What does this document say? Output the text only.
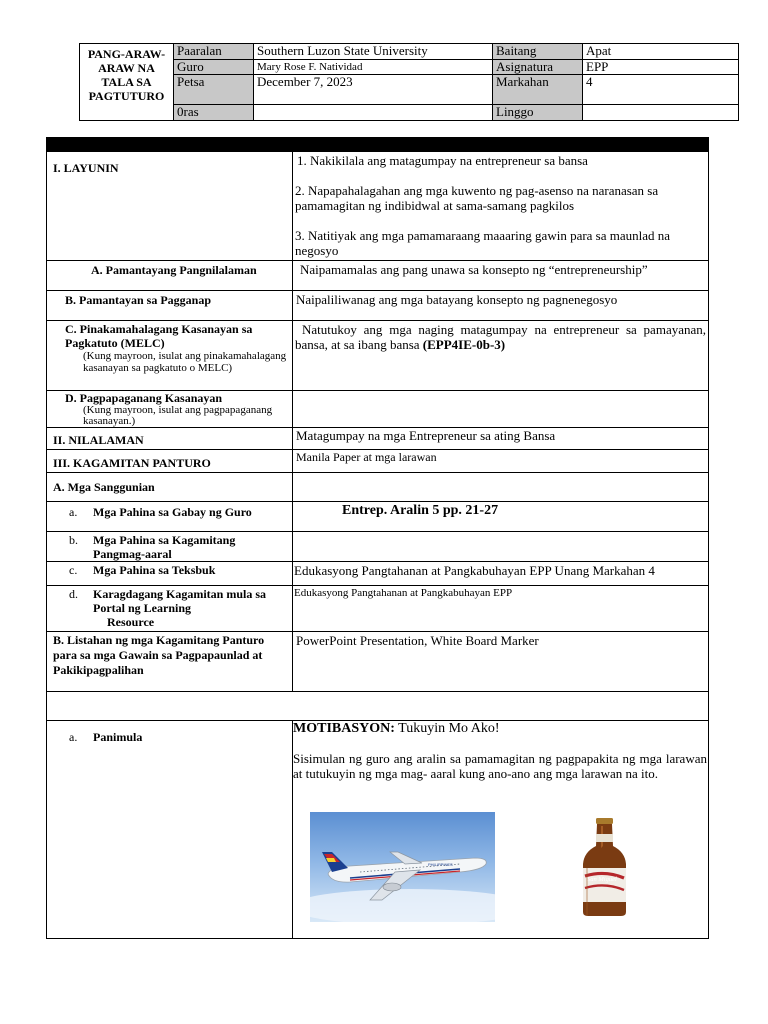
PANG-ARAW-ARAW NA TALA SA PAGTUTURO	Paaralan	Southern Luzon State University	Baitang	Apat
	Guro	Mary Rose F. Natividad	Asignatura	EPP
	Petsa	December 7, 2023	Markahan	4
	0ras		Linggo	

I. LAYUNIN	1. Nakikilala ang matagumpay na entrepreneur sa bansa
2. Napapahalagahan ang mga kuwento ng pag-asenso na naranasan sa pamamagitan ng indibidwal at sama-samang pagkilos
3. Natitiyak ang mga pamamaraang maaaring gawin para sa maunlad na negosyo

A. Pamantayang Pangnilalaman	Naipamamalas ang pang unawa sa konsepto ng “entrepreneurship”
B. Pamantayan sa Pagganap	Naipaliliwanag ang mga batayang konsepto ng pagnenegosyo

C. Pinakamahalagang Kasanayan sa Pagkatuto (MELC)
(Kung mayroon, isulat ang pinakamahalagang kasanayan sa pagkatuto o MELC)	Natutukoy ang mga naging matagumpay na entrepreneur sa pamayanan, bansa, at sa ibang bansa (EPP4IE-0b-3)

D. Pagpapaganang Kasanayan
(Kung mayroon, isulat ang pagpapaganang kasanayan.)	

II. NILALAMAN	Matagumpay na mga Entrepreneur sa ating Bansa
III. KAGAMITAN PANTURO	Manila Paper at mga larawan
A. Mga Sanggunian	
a. Mga Pahina sa Gabay ng Guro	Entrep. Aralin 5 pp. 21-27

b. Mga Pahina sa Kagamitang Pangmag-aaral	

c. Mga Pahina sa Teksbuk	Edukasyong Pangtahanan at Pangkabuhayan EPP Unang Markahan 4

d. Karagdagang Kagamitan mula sa Portal ng Learning
Resource	Edukasyong Pangtahanan at Pangkabuhayan EPP
B. Listahan ng mga Kagamitang Panturo para sa mga Gawain sa Pagpapaunlad at Pakikipagpalihan	PowerPoint Presentation, White Board Marker

a. Panimula	MOTIBASYON: Tukuyin Mo Ako!
Sisimulan ng guro ang aralin sa pamamagitan ng pagpapakita ng mga larawan at tutukuyin ng mga mag- aaral kung ano-ano ang mga larawan na ito.
PHILIPPINES
San Miguel
